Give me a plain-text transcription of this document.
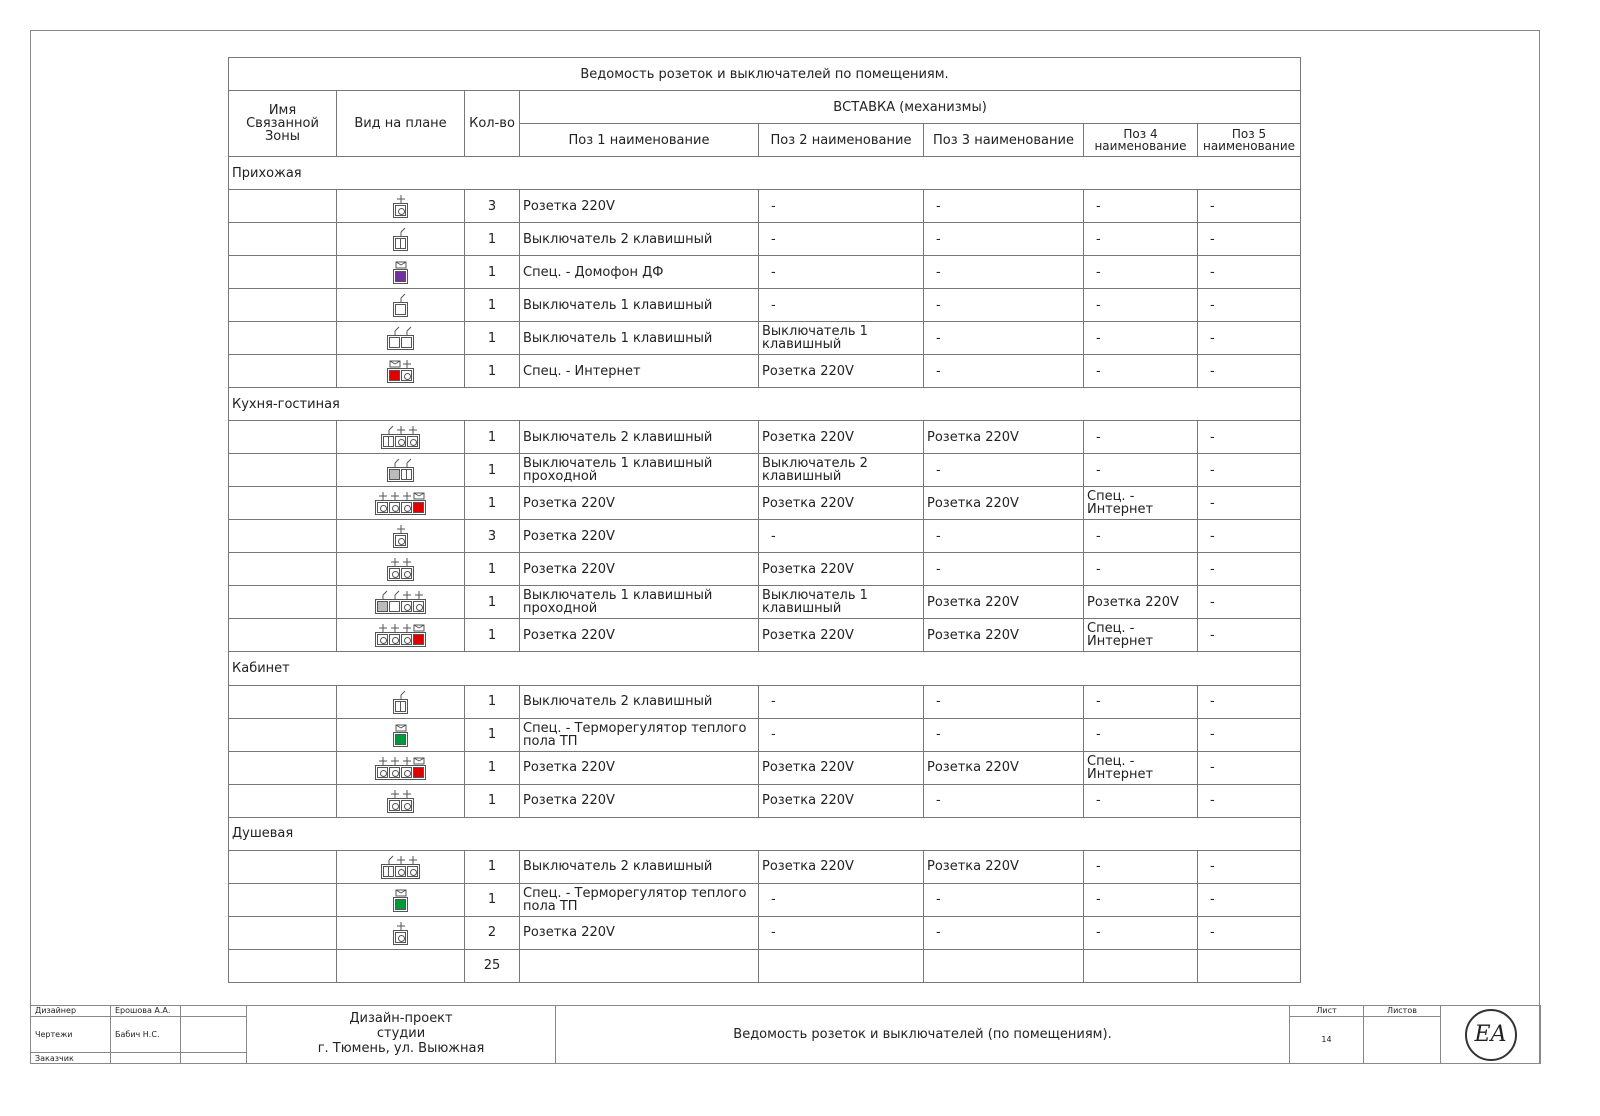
Ведомость розеток и выключателей по помещениям.							
Имя Связанной Зоны	Вид на плане	Кол-во	ВСТАВКА (механизмы)				
			Поз 1 наименование	Поз 2 наименование	Поз 3 наименование	Поз 4 наименование	Поз 5 наименование
Прихожая							

	3	Розетка 220V	-	-	-	-

	1	Выключатель 2 клавишный	-	-	-	-

	1	Спец. - Домофон ДФ	-	-	-	-

	1	Выключатель 1 клавишный	-	-	-	-

	1	Выключатель 1 клавишный	Выключатель 1 клавишный	-	-	-

	1	Спец. - Интернет	Розетка 220V	-	-	-
Кухня-гостиная							

	1	Выключатель 2 клавишный	Розетка 220V	Розетка 220V	-	-

	1	Выключатель 1 клавишный проходной	Выключатель 2 клавишный	-	-	-

	1	Розетка 220V	Розетка 220V	Розетка 220V	Спец. - Интернет	-

	3	Розетка 220V	-	-	-	-

	1	Розетка 220V	Розетка 220V	-	-	-

	1	Выключатель 1 клавишный проходной	Выключатель 1 клавишный	Розетка 220V	Розетка 220V	-

	1	Розетка 220V	Розетка 220V	Розетка 220V	Спец. - Интернет	-
Кабинет							

	1	Выключатель 2 клавишный	-	-	-	-

	1	Спец. - Терморегулятор теплого пола ТП	-	-	-	-

	1	Розетка 220V	Розетка 220V	Розетка 220V	Спец. - Интернет	-

	1	Розетка 220V	Розетка 220V	-	-	-
Душевая							

	1	Выключатель 2 клавишный	Розетка 220V	Розетка 220V	-	-

	1	Спец. - Терморегулятор теплого пола ТП	-	-	-	-

	2	Розетка 220V	-	-	-	-
		25					
Дизайнер	Ерошова А.А.		Дизайн-проект
студии
г. Тюмень, ул. Выюжная	Ведомость розеток и выключателей (по помещениям).	Лист	Листов	EA
Чертежи	Бабич Н.С.				14		
Заказчик							
